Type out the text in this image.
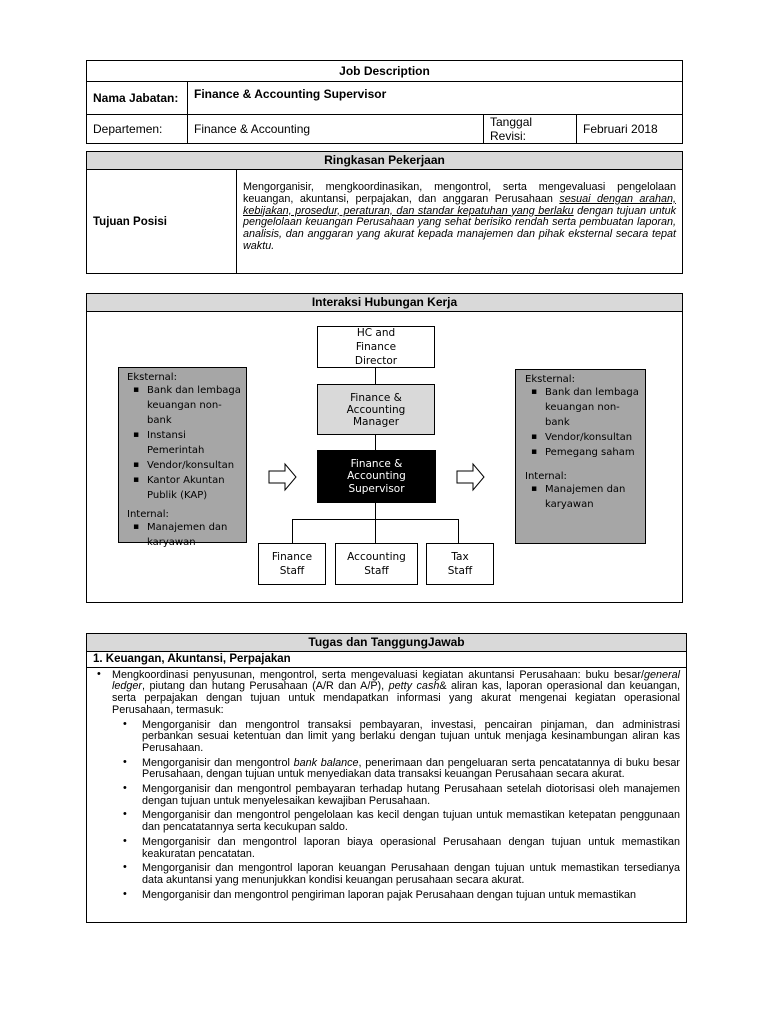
Job Description			
Nama Jabatan:	Finance & Accounting Supervisor		
Departemen:	Finance & Accounting	Tanggal Revisi:	Februari 2018
Ringkasan Pekerjaan
Tujuan Posisi
Mengorganisir, mengkoordinasikan, mengontrol, serta mengevaluasi pengelolaan keuangan, akuntansi, perpajakan, dan anggaran Perusahaan sesuai dengan arahan, kebijakan, prosedur, peraturan, dan standar kepatuhan yang berlaku dengan tujuan untuk pengelolaan keuangan Perusahaan yang sehat berisiko rendah serta pembuatan laporan, analisis, dan anggaran yang akurat kepada manajemen dan pihak eksternal secara tepat waktu.
Interaksi Hubungan Kerja
Eksternal:
▪ Bank dan lembaga keuangan non-bank
▪ Instansi Pemerintah
▪ Vendor/konsultan
▪ Kantor Akuntan Publik (KAP)
Internal:
▪ Manajemen dan karyawan
Eksternal:
▪ Bank dan lembaga keuangan non-bank
▪ Vendor/konsultan
▪ Pemegang saham
Internal:
▪ Manajemen dan karyawan
HC and Finance Director
Finance & Accounting Manager
Finance & Accounting Supervisor
Finance Staff
Accounting Staff
Tax Staff
Tugas dan TanggungJawab
1. Keuangan, Akuntansi, Perpajakan
• Mengkoordinasi penyusunan, mengontrol, serta mengevaluasi kegiatan akuntansi Perusahaan: buku besar/general ledger, piutang dan hutang Perusahaan (A/R dan A/P), petty cash& aliran kas, laporan operasional dan keuangan, serta perpajakan dengan tujuan untuk mendapatkan informasi yang akurat mengenai kegiatan operasional Perusahaan, termasuk:
• Mengorganisir dan mengontrol transaksi pembayaran, investasi, pencairan pinjaman, dan administrasi perbankan sesuai ketentuan dan limit yang berlaku dengan tujuan untuk menjaga kesinambungan aliran kas Perusahaan.
• Mengorganisir dan mengontrol bank balance, penerimaan dan pengeluaran serta pencatatannya di buku besar Perusahaan, dengan tujuan untuk menyediakan data transaksi keuangan Perusahaan secara akurat.
• Mengorganisir dan mengontrol pembayaran terhadap hutang Perusahaan setelah diotorisasi oleh manajemen dengan tujuan untuk menyelesaikan kewajiban Perusahaan.
• Mengorganisir dan mengontrol pengelolaan kas kecil dengan tujuan untuk memastikan ketepatan penggunaan dan pencatatannya serta kecukupan saldo.
• Mengorganisir dan mengontrol laporan biaya operasional Perusahaan dengan tujuan untuk memastikan keakuratan pencatatan.
• Mengorganisir dan mengontrol laporan keuangan Perusahaan dengan tujuan untuk memastikan tersedianya data akuntansi yang menunjukkan kondisi keuangan perusahaan secara akurat.
• Mengorganisir dan mengontrol pengiriman laporan pajak Perusahaan dengan tujuan untuk memastikan
